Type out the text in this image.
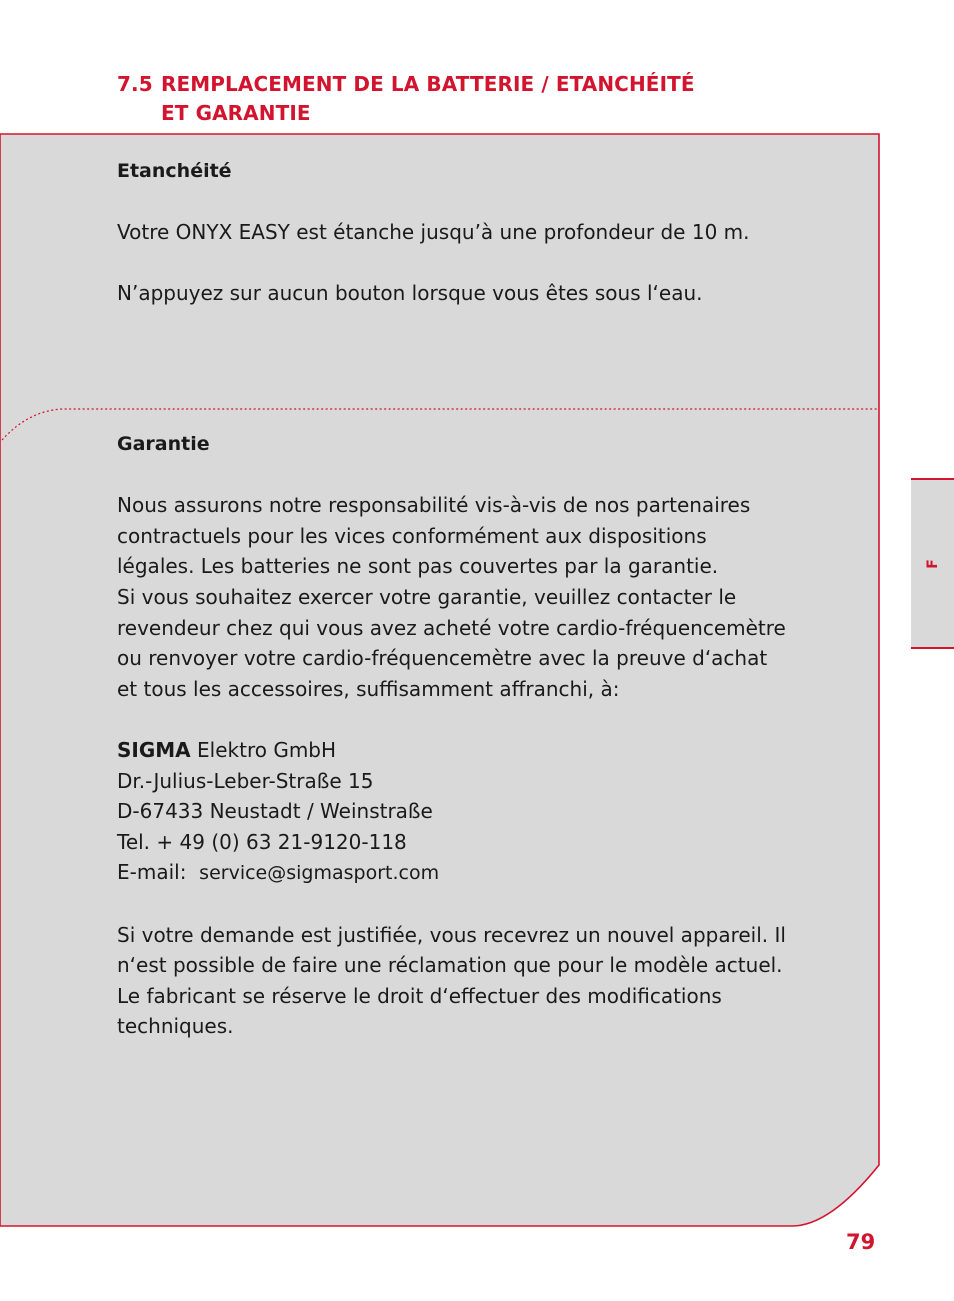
7.5 REMPLACEMENT DE LA BATTERIE / ETANCHÉITÉ
ET GARANTIE

Etanchéité

Votre ONYX EASY est étanche jusqu’à une profondeur de 10 m.

N’appuyez sur aucun bouton lorsque vous êtes sous l‘eau.

Garantie

Nous assurons notre responsabilité vis-à-vis de nos partenaires

contractuels pour les vices conformément aux dispositions

légales. Les batteries ne sont pas couvertes par la garantie.

Si vous souhaitez exercer votre garantie, veuillez contacter le

revendeur chez qui vous avez acheté votre cardio-fréquencemètre

ou renvoyer votre cardio-fréquencemètre avec la preuve d‘achat

et tous les accessoires, suffisamment affranchi, à:

SIGMA Elektro GmbH

Dr.-Julius-Leber-Straße 15

D-67433 Neustadt / Weinstraße

Tel. + 49 (0) 63 21-9120-118

E-mail: service@sigmasport.com

Si votre demande est justifiée, vous recevrez un nouvel appareil. Il

n‘est possible de faire une réclamation que pour le modèle actuel.

Le fabricant se réserve le droit d‘effectuer des modifications

techniques.

F
79
